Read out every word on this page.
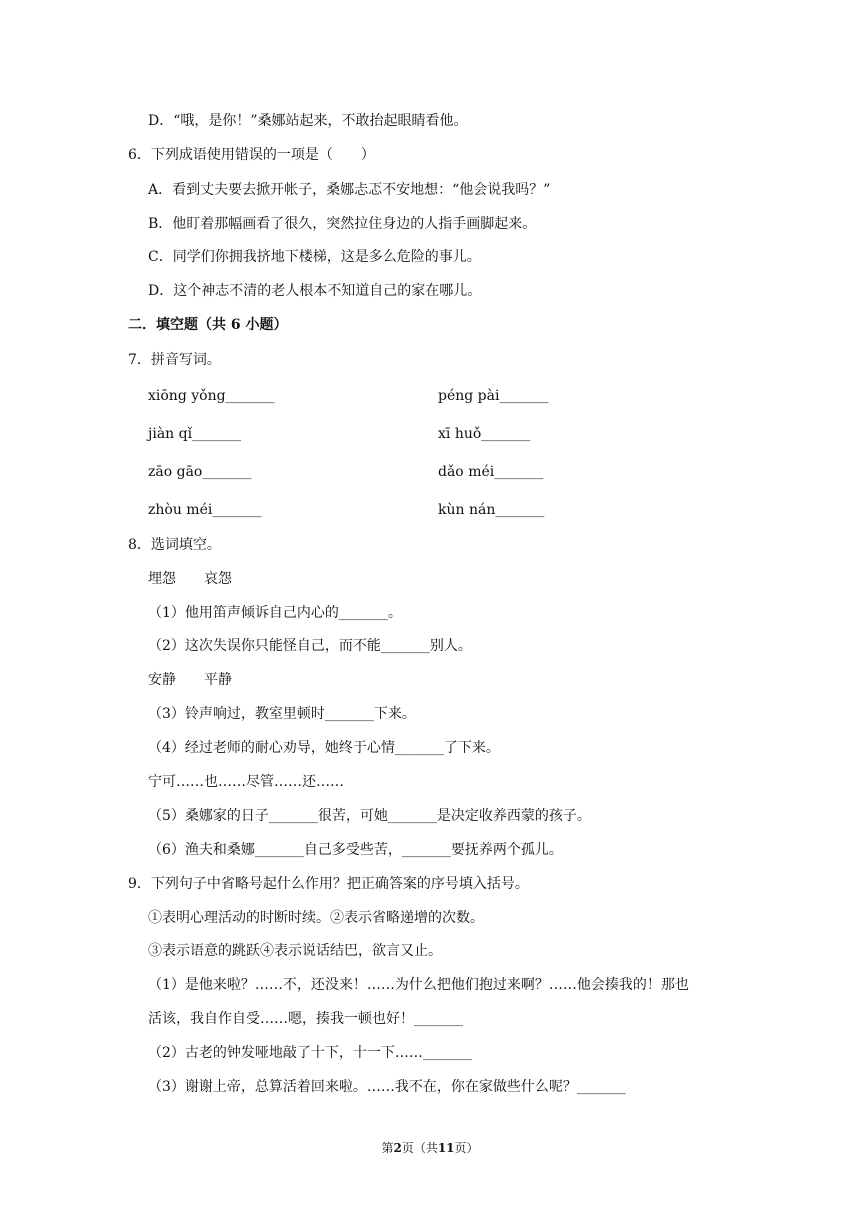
D．“哦，是你！”桑娜站起来，不敢抬起眼睛看他。
6．下列成语使用错误的一项是（　　）
A．看到丈夫要去掀开帐子，桑娜忐忑不安地想：“他会说我吗？”
B．他盯着那幅画看了很久，突然拉住身边的人指手画脚起来。
C．同学们你拥我挤地下楼梯，这是多么危险的事儿。
D．这个神志不清的老人根本不知道自己的家在哪儿。
二．填空题（共 6 小题）
7．拼音写词。
xiōng yǒng_______	péng pài_______
jiàn qǐ_______	xī huǒ_______
zāo gāo_______	dǎo méi_______
zhòu méi_______	kùn nán_______
8．选词填空。
埋怨　　哀怨
（1）他用笛声倾诉自己内心的_______。
（2）这次失误你只能怪自己，而不能_______别人。
安静　　平静
（3）铃声响过，教室里顿时_______下来。
（4）经过老师的耐心劝导，她终于心情_______了下来。
宁可……也……尽管……还……
（5）桑娜家的日子_______很苦，可她_______是决定收养西蒙的孩子。
（6）渔夫和桑娜_______自己多受些苦，_______要抚养两个孤儿。
9．下列句子中省略号起什么作用？把正确答案的序号填入括号。
①表明心理活动的时断时续。②表示省略递增的次数。
③表示语意的跳跃④表示说话结巴，欲言又止。
（1）是他来啦？……不，还没来！……为什么把他们抱过来啊？……他会揍我的！那也
活该，我自作自受……嗯，揍我一顿也好！_______
（2）古老的钟发哑地敲了十下，十一下……_______
（3）谢谢上帝，总算活着回来啦。……我不在，你在家做些什么呢？_______
第2页（共11页）
